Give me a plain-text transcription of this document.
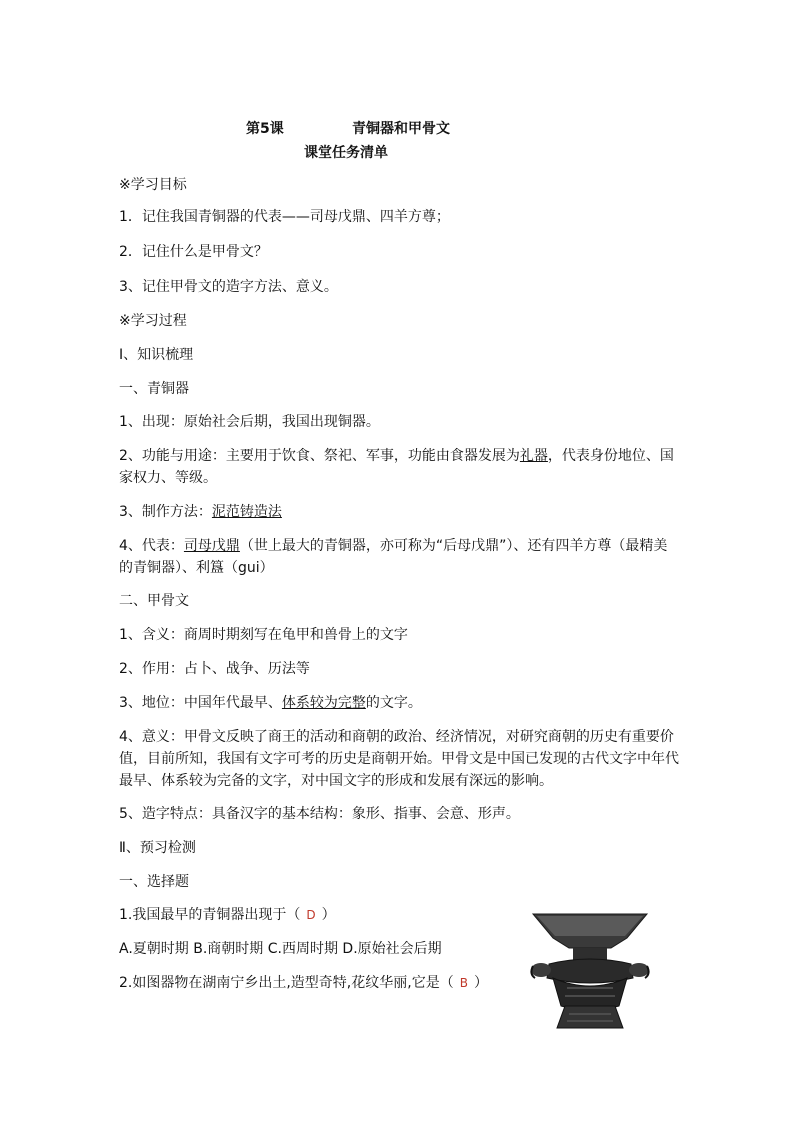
第5课	青铜器和甲骨文
课堂任务清单
※学习目标
1．记住我国青铜器的代表——司母戊鼎、四羊方尊；
2．记住什么是甲骨文？
3、记住甲骨文的造字方法、意义。
※学习过程
Ⅰ、知识梳理
一、青铜器
1、出现：原始社会后期，我国出现铜器。
2、功能与用途：主要用于饮食、祭祀、军事，功能由食器发展为礼器，代表身份地位、国家权力、等级。
3、制作方法：泥范铸造法
4、代表：司母戊鼎（世上最大的青铜器，亦可称为“后母戊鼎”）、还有四羊方尊（最精美的青铜器）、利簋（gui）
二、甲骨文
1、含义：商周时期刻写在龟甲和兽骨上的文字
2、作用：占卜、战争、历法等
3、地位：中国年代最早、体系较为完整的文字。
4、意义：甲骨文反映了商王的活动和商朝的政治、经济情况，对研究商朝的历史有重要价值，目前所知，我国有文字可考的历史是商朝开始。甲骨文是中国已发现的古代文字中年代最早、体系较为完备的文字，对中国文字的形成和发展有深远的影响。
5、造字特点：具备汉字的基本结构：象形、指事、会意、形声。
Ⅱ、预习检测
一、选择题
1.我国最早的青铜器出现于（ D ）
A.夏朝时期 B.商朝时期 C.西周时期 D.原始社会后期
2.如图器物在湖南宁乡出土,造型奇特,花纹华丽,它是（ B ）
